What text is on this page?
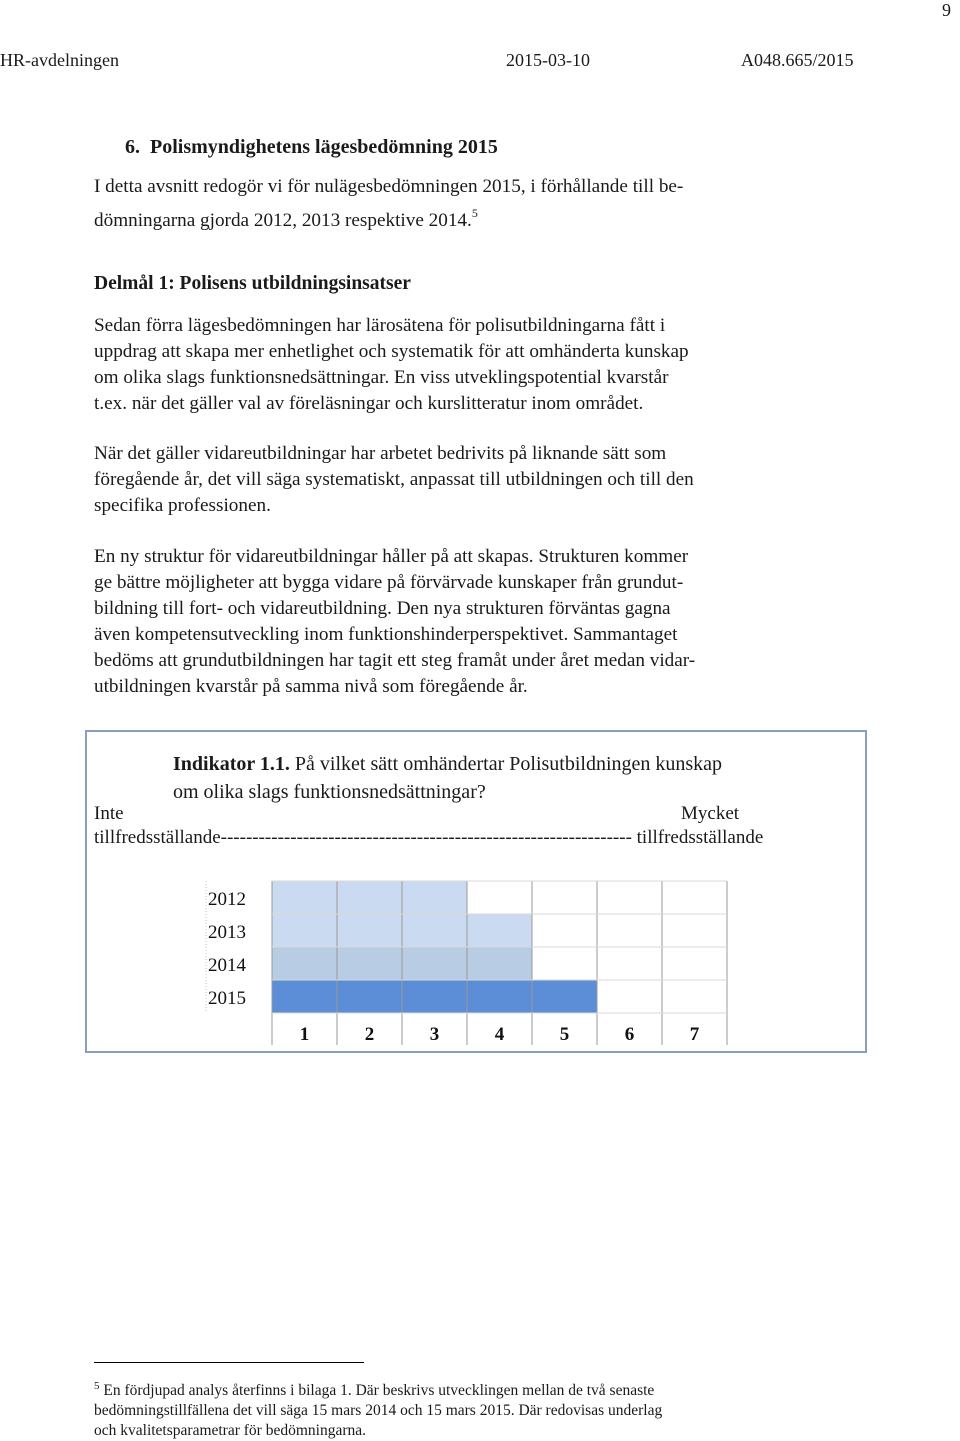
9
HR-avdelningen	2015-03-10	A048.665/2015
6. Polismyndighetens lägesbedömning 2015
I detta avsnitt redogör vi för nulägesbedömningen 2015, i förhållande till be-
dömningarna gjorda 2012, 2013 respektive 2014.$^5$
Delmål 1: Polisens utbildningsinsatser
Sedan förra lägesbedömningen har lärosätena för polisutbildningarna fått i
uppdrag att skapa mer enhetlighet och systematik för att omhänderta kunskap
om olika slags funktionsnedsättningar. En viss utveklingspotential kvarstår
t.ex. när det gäller val av föreläsningar och kurslitteratur inom området.
När det gäller vidareutbildningar har arbetet bedrivits på liknande sätt som
föregående år, det vill säga systematiskt, anpassat till utbildningen och till den
specifika professionen.
En ny struktur för vidareutbildningar håller på att skapas. Strukturen kommer
ge bättre möjligheter att bygga vidare på förvärvade kunskaper från grundut-
bildning till fort- och vidareutbildning. Den nya strukturen förväntas gagna
även kompetensutveckling inom funktionshinderperspektivet. Sammantaget
bedöms att grundutbildningen har tagit ett steg framåt under året medan vidar-
utbildningen kvarstår på samma nivå som föregående år.
Indikator 1.1. På vilket sätt omhändertar Polisutbildningen kunskap
om olika slags funktionsnedsättningar?
Inte	Mycket
tillfredsställande----------------------------------------------------------------- tillfredsställande
2012
2013
2014
2015
1	2	3	4	5	6	7
$^5$ En fördjupad analys återfinns i bilaga 1. Där beskrivs utvecklingen mellan de två senaste
bedömningstillfällena det vill säga 15 mars 2014 och 15 mars 2015. Där redovisas underlag
och kvalitetsparametrar för bedömningarna.
